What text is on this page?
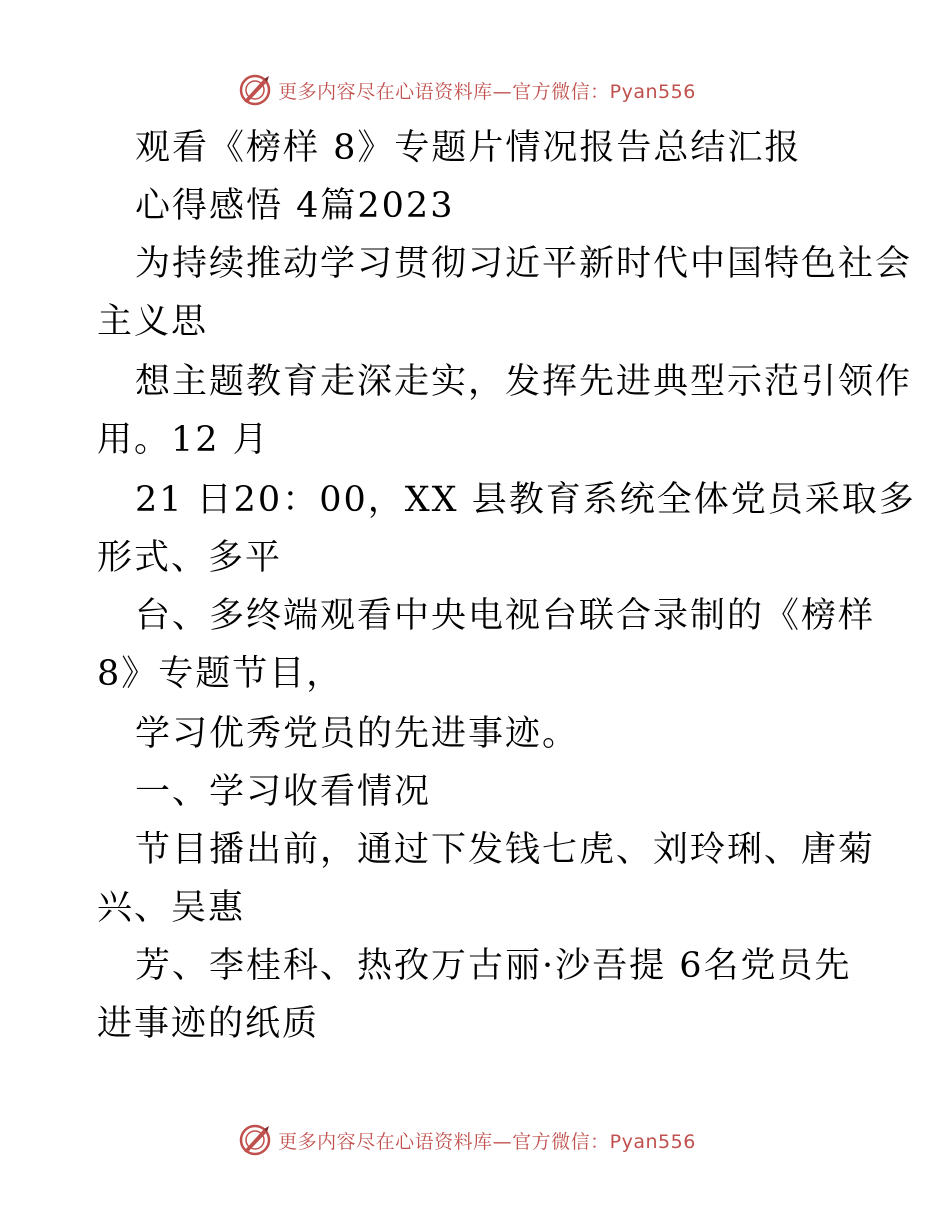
更多内容尽在心语资料库—官方微信：Pyan556
观看《榜样 8》专题片情况报告总结汇报
心得感悟 4篇2023
为持续推动学习贯彻习近平新时代中国特色社会
主义思
想主题教育走深走实，发挥先进典型示范引领作
用。12 月
21 日20：00，XX 县教育系统全体党员采取多
形式、多平
台、多终端观看中央电视台联合录制的《榜样
8》专题节目，
学习优秀党员的先进事迹。
一、学习收看情况
节目播出前，通过下发钱七虎、刘玲琍、唐菊
兴、吴惠
芳、李桂科、热孜万古丽·沙吾提 6名党员先
进事迹的纸质
更多内容尽在心语资料库—官方微信：Pyan556
